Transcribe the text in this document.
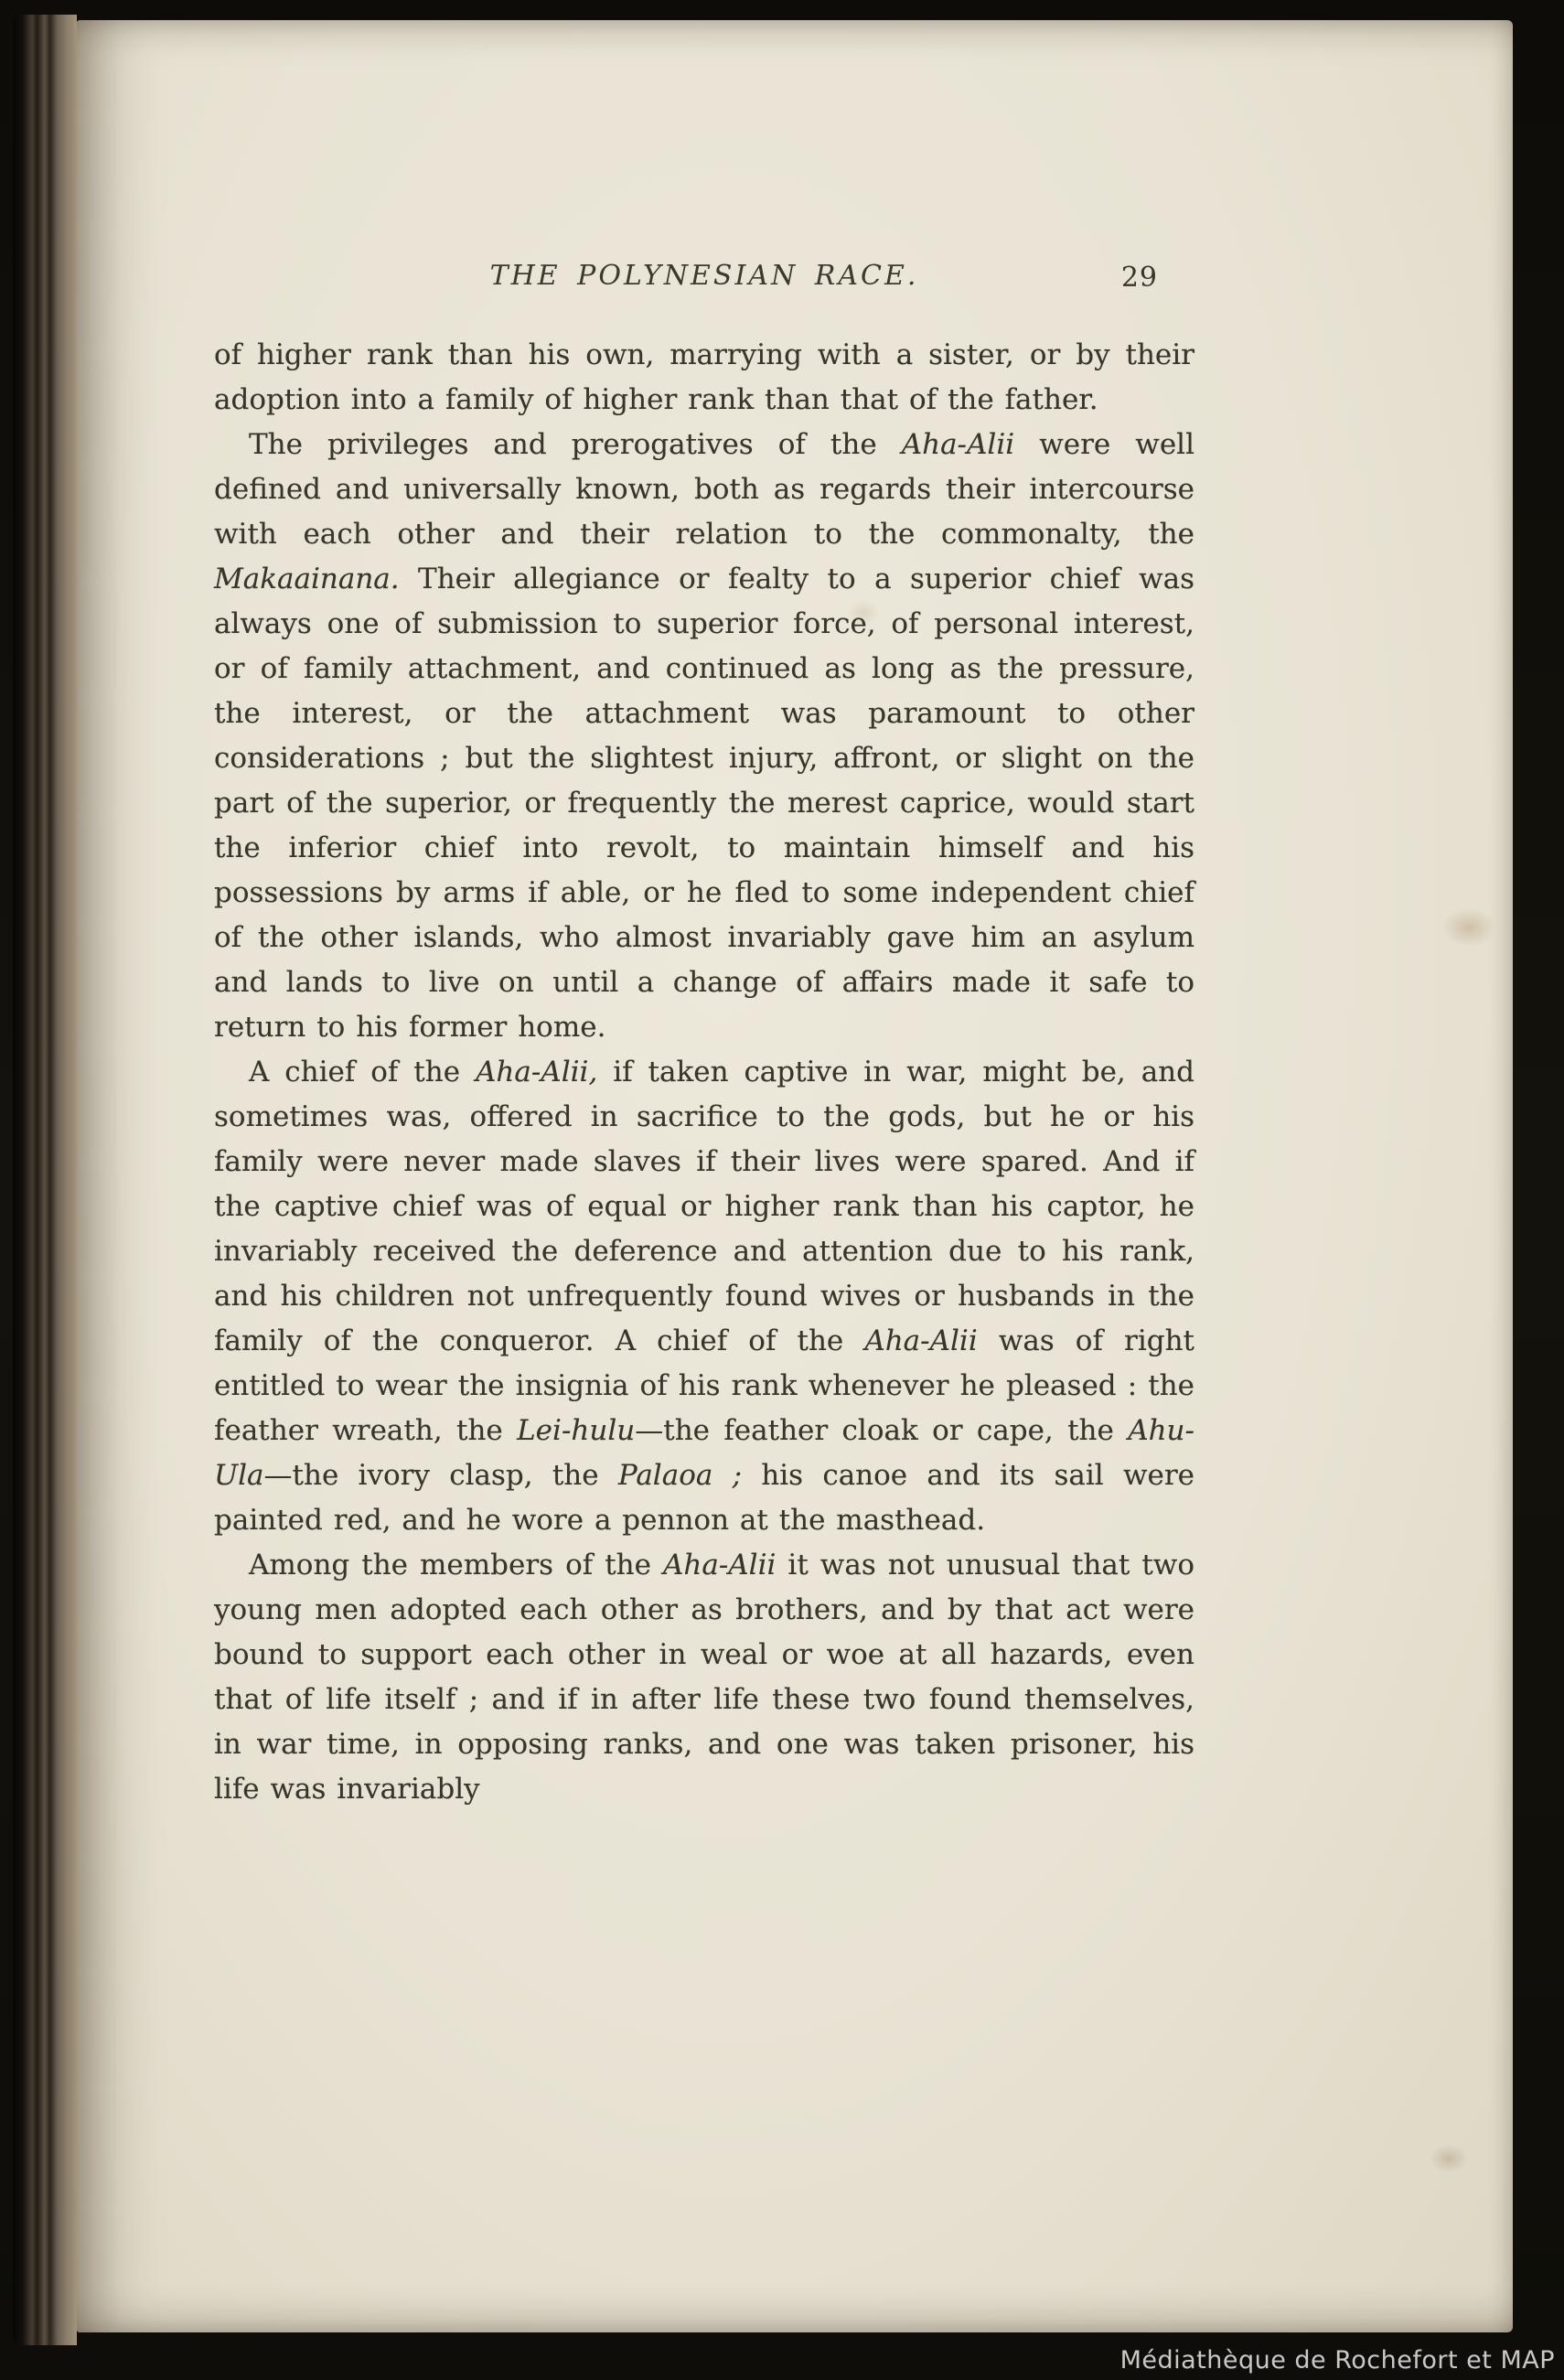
THE POLYNESIAN RACE.	29

of higher rank than his own, marrying with a sister, or by their adoption into a family of higher rank than that of the father.

The privileges and prerogatives of the Aha-Alii were well defined and universally known, both as regards their intercourse with each other and their relation to the commonalty, the Makaainana. Their allegiance or fealty to a superior chief was always one of submission to superior force, of personal interest, or of family attachment, and continued as long as the pressure, the interest, or the attachment was paramount to other considerations ; but the slightest injury, affront, or slight on the part of the superior, or frequently the merest caprice, would start the inferior chief into revolt, to maintain himself and his possessions by arms if able, or he fled to some independent chief of the other islands, who almost invariably gave him an asylum and lands to live on until a change of affairs made it safe to return to his former home.

A chief of the Aha-Alii, if taken captive in war, might be, and sometimes was, offered in sacrifice to the gods, but he or his family were never made slaves if their lives were spared. And if the captive chief was of equal or higher rank than his captor, he invariably received the deference and attention due to his rank, and his children not unfrequently found wives or husbands in the family of the conqueror. A chief of the Aha-Alii was of right entitled to wear the insignia of his rank whenever he pleased : the feather wreath, the Lei-hulu—the feather cloak or cape, the Ahu-Ula—the ivory clasp, the Palaoa ; his canoe and its sail were painted red, and he wore a pennon at the masthead.

Among the members of the Aha-Alii it was not unusual that two young men adopted each other as brothers, and by that act were bound to support each other in weal or woe at all hazards, even that of life itself ; and if in after life these two found themselves, in war time, in opposing ranks, and one was taken prisoner, his life was invariably

Médiathèque de Rochefort et MAP
